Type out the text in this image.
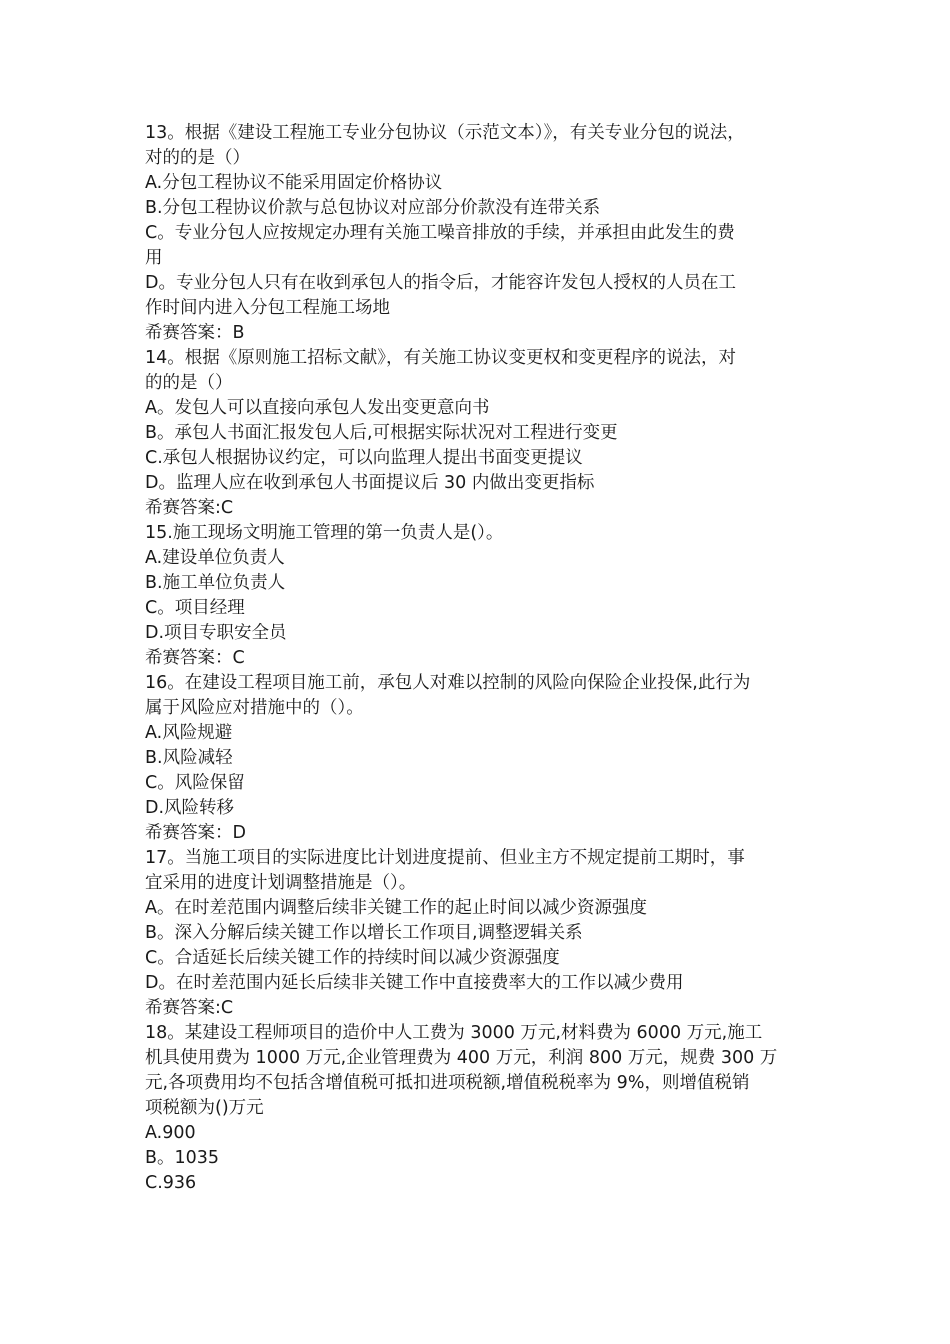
13。根据《建设工程施工专业分包协议（示范文本）》，有关专业分包的说法，

对的的是（）

A.分包工程协议不能采用固定价格协议

B.分包工程协议价款与总包协议对应部分价款没有连带关系

C。专业分包人应按规定办理有关施工噪音排放的手续，并承担由此发生的费

用

D。专业分包人只有在收到承包人的指令后，才能容许发包人授权的人员在工

作时间内进入分包工程施工场地

希赛答案：B

14。根据《原则施工招标文献》，有关施工协议变更权和变更程序的说法，对

的的是（）

A。发包人可以直接向承包人发出变更意向书

B。承包人书面汇报发包人后,可根据实际状况对工程进行变更

C.承包人根据协议约定，可以向监理人提出书面变更提议

D。监理人应在收到承包人书面提议后 30 内做出变更指标

希赛答案:C

15.施工现场文明施工管理的第一负责人是(）。

A.建设单位负责人

B.施工单位负责人

C。项目经理

D.项目专职安全员

希赛答案：C

16。在建设工程项目施工前，承包人对难以控制的风险向保险企业投保,此行为

属于风险应对措施中的（）。

A.风险规避

B.风险减轻

C。风险保留

D.风险转移

希赛答案：D

17。当施工项目的实际进度比计划进度提前、但业主方不规定提前工期时，事

宜采用的进度计划调整措施是（）。

A。在时差范围内调整后续非关键工作的起止时间以减少资源强度

B。深入分解后续关键工作以增长工作项目,调整逻辑关系

C。合适延长后续关键工作的持续时间以减少资源强度

D。在时差范围内延长后续非关键工作中直接费率大的工作以减少费用

希赛答案:C

18。某建设工程师项目的造价中人工费为 3000 万元,材料费为 6000 万元,施工

机具使用费为 1000 万元,企业管理费为 400 万元，利润 800 万元，规费 300 万

元,各项费用均不包括含增值税可抵扣进项税额,增值税税率为 9%，则增值税销

项税额为()万元

A.900

B。1035

C.936
